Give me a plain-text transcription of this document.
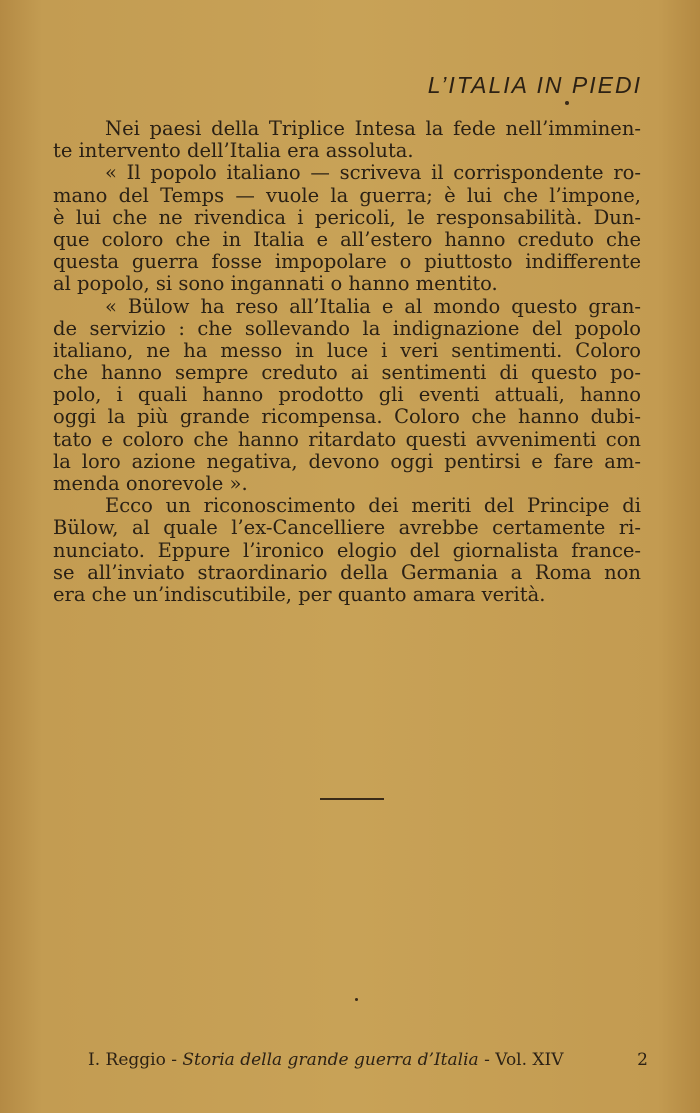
L’ITALIA IN PIEDI
Nei paesi della Triplice Intesa la fede nell’imminen-
te intervento dell’Italia era assoluta.
« Il popolo italiano — scriveva il corrispondente ro-
mano del Temps — vuole la guerra; è lui che l’impone,
è lui che ne rivendica i pericoli, le responsabilità. Dun-
que coloro che in Italia e all’estero hanno creduto che
questa guerra fosse impopolare o piuttosto indifferente
al popolo, si sono ingannati o hanno mentito.
« Bülow ha reso all’Italia e al mondo questo gran-
de servizio : che sollevando la indignazione del popolo
italiano, ne ha messo in luce i veri sentimenti. Coloro
che hanno sempre creduto ai sentimenti di questo po-
polo, i quali hanno prodotto gli eventi attuali, hanno
oggi la più grande ricompensa. Coloro che hanno dubi-
tato e coloro che hanno ritardato questi avvenimenti con
la loro azione negativa, devono oggi pentirsi e fare am-
menda onorevole ».
Ecco un riconoscimento dei meriti del Principe di
Bülow, al quale l’ex-Cancelliere avrebbe certamente ri-
nunciato. Eppure l’ironico elogio del giornalista france-
se all’inviato straordinario della Germania a Roma non
era che un’indiscutibile, per quanto amara verità.
I. Reggio - Storia della grande guerra d’Italia - Vol. XIV	2
